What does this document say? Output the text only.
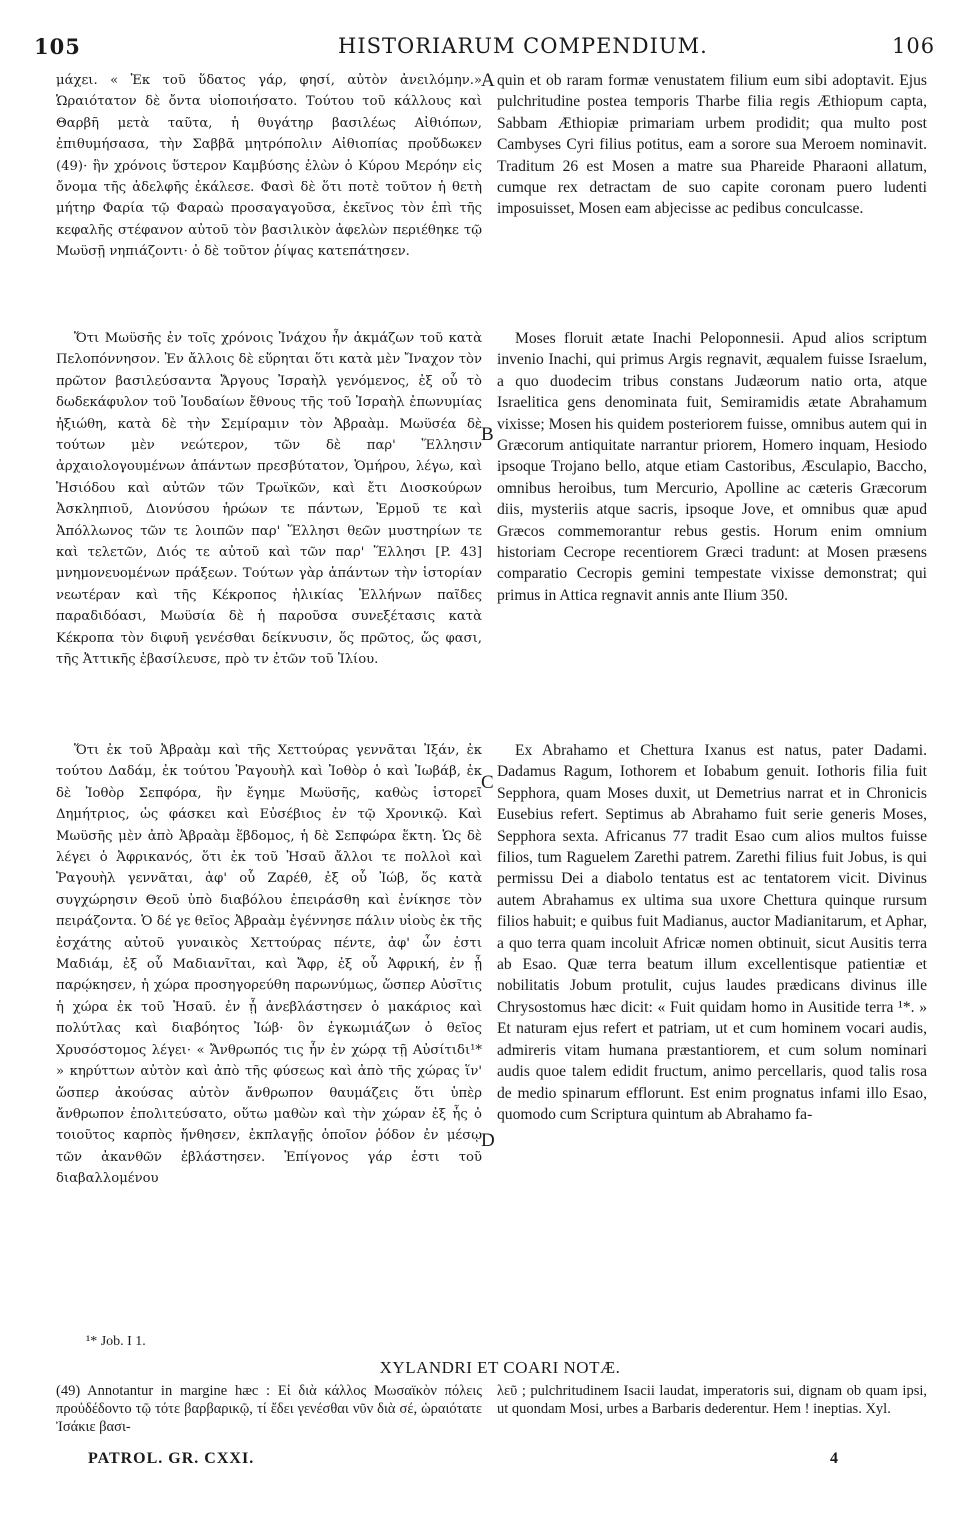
105	HISTORIARUM COMPENDIUM.	106

μάχει. « Ἐκ τοῦ ὕδατος γάρ, φησί, αὐτὸν ἀνειλόμην.» Ὡραιότατον δὲ ὄντα υἱοποιήσατο. Τούτου τοῦ κάλλους καὶ Θαρβῆ μετὰ ταῦτα, ἡ θυγάτηρ βασιλέως Αἰθιόπων, ἐπιθυμήσασα, τὴν Σαββᾶ μητρόπολιν Αἰθιοπίας προὔδωκεν (49)· ἣν χρόνοις ὕστερον Καμβύσης ἑλὼν ὁ Κύρου Μερόην εἰς ὄνομα τῆς ἀδελφῆς ἐκάλεσε. Φασὶ δὲ ὅτι ποτὲ τοῦτον ἡ θετὴ μήτηρ Φαρία τῷ Φαραὼ προσαγαγοῦσα, ἐκεῖνος τὸν ἐπὶ τῆς κεφαλῆς στέφανον αὐτοῦ τὸν βασιλικὸν ἀφελὼν περιέθηκε τῷ Μωϋσῇ νηπιάζοντι· ὁ δὲ τοῦτον ῥίψας κατεπάτησεν.

Ὅτι Μωϋσῆς ἐν τοῖς χρόνοις Ἰνάχου ἦν ἀκμάζων τοῦ κατὰ Πελοπόννησον. Ἐν ἄλλοις δὲ εὕρηται ὅτι κατὰ μὲν Ἴναχον τὸν πρῶτον βασιλεύσαντα Ἄργους Ἰσραὴλ γενόμενος, ἐξ οὗ τὸ δωδεκάφυλον τοῦ Ἰουδαίων ἔθνους τῆς τοῦ Ἰσραὴλ ἐπωνυμίας ἠξιώθη, κατὰ δὲ τὴν Σεμίραμιν τὸν Ἀβραὰμ. Μωϋσέα δὲ τούτων μὲν νεώτερον, τῶν δὲ παρ' Ἕλλησιν ἀρχαιολογουμένων ἁπάντων πρεσβύτατον, Ὁμήρου, λέγω, καὶ Ἡσιόδου καὶ αὐτῶν τῶν Τρωϊκῶν, καὶ ἔτι Διοσκούρων Ἀσκληπιοῦ, Διονύσου ἡρώων τε πάντων, Ἑρμοῦ τε καὶ Ἀπόλλωνος τῶν τε λοιπῶν παρ' Ἕλλησι θεῶν μυστηρίων τε καὶ τελετῶν, Διός τε αὐτοῦ καὶ τῶν παρ' Ἕλλησι [P. 43] μνημονευομένων πράξεων. Τούτων γὰρ ἁπάντων τὴν ἱστορίαν νεωτέραν καὶ τῆς Κέκροπος ἡλικίας Ἑλλήνων παῖδες παραδιδόασι, Μωϋσία δὲ ἡ παροῦσα συνεξέτασις κατὰ Κέκροπα τὸν διφυῆ γενέσθαι δείκνυσιν, ὅς πρῶτος, ὥς φασι, τῆς Ἀττικῆς ἐβασίλευσε, πρὸ τν ἐτῶν τοῦ Ἰλίου.

Ὅτι ἐκ τοῦ Ἀβραὰμ καὶ τῆς Χεττούρας γεννᾶται Ἰξάν, ἐκ τούτου Δαδάμ, ἐκ τούτου Ῥαγουὴλ καὶ Ἰοθὸρ ὁ καὶ Ἰωβάβ, ἐκ δὲ Ἰοθὸρ Σεπφόρα, ἣν ἔγημε Μωϋσῆς, καθὼς ἱστορεῖ Δημήτριος, ὡς φάσκει καὶ Εὐσέβιος ἐν τῷ Χρονικῷ. Καὶ Μωϋσῆς μὲν ἀπὸ Ἀβραὰμ ἕβδομος, ἡ δὲ Σεπφώρα ἕκτη. Ὡς δὲ λέγει ὁ Ἀφρικανός, ὅτι ἐκ τοῦ Ἡσαῦ ἄλλοι τε πολλοὶ καὶ Ῥαγουὴλ γεννᾶται, ἀφ' οὗ Ζαρέθ, ἐξ οὗ Ἰώβ, ὅς κατὰ συγχώρησιν Θεοῦ ὑπὸ διαβόλου ἐπειράσθη καὶ ἐνίκησε τὸν πειράζοντα. Ὁ δέ γε θεῖος Ἀβραὰμ ἐγέννησε πάλιν υἱοὺς ἐκ τῆς ἐσχάτης αὐτοῦ γυναικὸς Χεττούρας πέντε, ἀφ' ὧν ἐστι Μαδιάμ, ἐξ οὗ Μαδιανῖται, καὶ Ἄφρ, ἐξ οὗ Ἀφρική, ἐν ᾗ παρῴκησεν, ἡ χώρα προσηγορεύθη παρωνύμως, ὥσπερ Αὐσῖτις ἡ χώρα ἐκ τοῦ Ἡσαῦ. ἐν ᾗ ἀνεβλάστησεν ὁ μακάριος καὶ πολύτλας καὶ διαβόητος Ἰώβ· ὃν ἐγκωμιάζων ὁ θεῖος Χρυσόστομος λέγει· « Ἄνθρωπός τις ἦν ἐν χώρᾳ τῇ Αὐσίτιδι¹* » κηρύττων αὐτὸν καὶ ἀπὸ τῆς φύσεως καὶ ἀπὸ τῆς χώρας ἵν' ὥσπερ ἀκούσας αὐτὸν ἄνθρωπον θαυμάζεις ὅτι ὑπὲρ ἄνθρωπον ἐπολιτεύσατο, οὕτω μαθὼν καὶ τὴν χώραν ἐξ ἧς ὁ τοιοῦτος καρπὸς ἤνθησεν, ἐκπλαγῇς ὁποῖον ῥόδον ἐν μέσῳ τῶν ἀκανθῶν ἐβλάστησεν. Ἐπίγονος γάρ ἐστι τοῦ διαβαλλομένου

A
B
C
D

quin et ob raram formæ venustatem filium eum sibi adoptavit. Ejus pulchritudine postea temporis Tharbe filia regis Æthiopum capta, Sabbam Æthiopiæ primariam urbem prodidit; qua multo post Cambyses Cyri filius potitus, eam a sorore sua Meroem nominavit. Traditum 26 est Mosen a matre sua Phareide Pharaoni allatum, cumque rex detractam de suo capite coronam puero ludenti imposuisset, Mosen eam abjecisse ac pedibus conculcasse.

Moses floruit ætate Inachi Peloponnesii. Apud alios scriptum invenio Inachi, qui primus Argis regnavit, æqualem fuisse Israelum, a quo duodecim tribus constans Judæorum natio orta, atque Israelitica gens denominata fuit, Semiramidis ætate Abrahamum vixisse; Mosen his quidem posteriorem fuisse, omnibus autem qui in Græcorum antiquitate narrantur priorem, Homero inquam, Hesiodo ipsoque Trojano bello, atque etiam Castoribus, Æsculapio, Baccho, omnibus heroibus, tum Mercurio, Apolline ac cæteris Græcorum diis, mysteriis atque sacris, ipsoque Jove, et omnibus quæ apud Græcos commemorantur rebus gestis. Horum enim omnium historiam Cecrope recentiorem Græci tradunt: at Mosen præsens comparatio Cecropis gemini tempestate vixisse demonstrat; qui primus in Attica regnavit annis ante Ilium 350.

Ex Abrahamo et Chettura Ixanus est natus, pater Dadami. Dadamus Ragum, Iothorem et Iobabum genuit. Iothoris filia fuit Sepphora, quam Moses duxit, ut Demetrius narrat et in Chronicis Eusebius refert. Septimus ab Abrahamo fuit serie generis Moses, Sepphora sexta. Africanus 77 tradit Esao cum alios multos fuisse filios, tum Raguelem Zarethi patrem. Zarethi filius fuit Jobus, is qui permissu Dei a diabolo tentatus est ac tentatorem vicit. Divinus autem Abrahamus ex ultima sua uxore Chettura quinque rursum filios habuit; e quibus fuit Madianus, auctor Madianitarum, et Aphar, a quo terra quam incoluit Africæ nomen obtinuit, sicut Ausitis terra ab Esao. Quæ terra beatum illum excellentisque patientiæ et nobilitatis Jobum protulit, cujus laudes prædicans divinus ille Chrysostomus hæc dicit: « Fuit quidam homo in Ausitide terra ¹*. » Et naturam ejus refert et patriam, ut et cum hominem vocari audis, admireris vitam humana præstantiorem, et cum solum nominari audis quoe talem edidit fructum, animo percellaris, quod talis rosa de medio spinarum efflorunt. Est enim prognatus infami illo Esao, quomodo cum Scriptura quintum ab Abrahamo fa-

¹* Job. I 1.
XYLANDRI ET COARI NOTÆ.
(49) Annotantur in margine hæc : Εἰ διὰ κάλλος Μωσαϊκὸν πόλεις προὐδέδοντο τῷ τότε βαρβαρικῷ, τί ἔδει γενέσθαι νῦν διὰ σέ, ὡραιότατε Ἰσάκιε βασι-
λεῦ ; pulchritudinem Isacii laudat, imperatoris sui, dignam ob quam ipsi, ut quondam Mosi, urbes a Barbaris dederentur. Hem ! ineptias. Xyl.
PATROL. GR. CXXI.	4
